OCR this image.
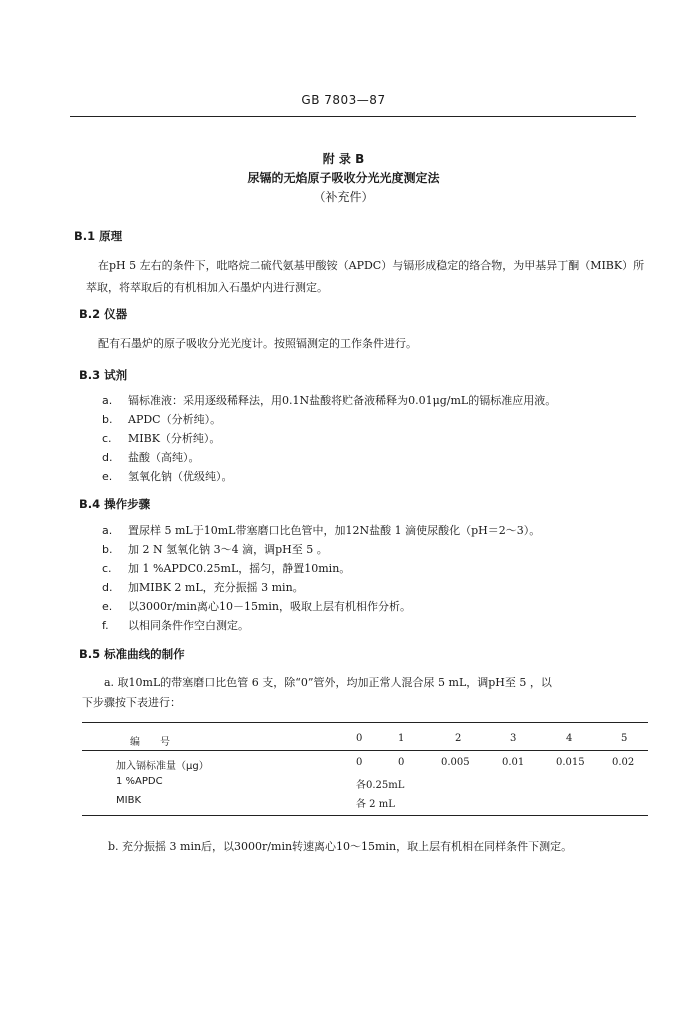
GB 7803—87
附 录 B
尿镉的无焰原子吸收分光光度测定法
（补充件）
B.1 原理
在pH 5 左右的条件下，吡咯烷二硫代氨基甲酸铵（APDC）与镉形成稳定的络合物，为甲基异丁酮（MIBK）所萃取，将萃取后的有机相加入石墨炉内进行测定。
B.2 仪器
配有石墨炉的原子吸收分光光度计。按照镉测定的工作条件进行。
B.3 试剂
a. 镉标准液：采用逐级稀释法，用0.1N盐酸将贮备液稀释为0.01μg/mL的镉标准应用液。
b. APDC（分析纯）。
c. MIBK（分析纯）。
d. 盐酸（高纯）。
e. 氢氧化钠（优级纯）。
B.4 操作步骤
a. 置尿样 5 mL于10mL带塞磨口比色管中，加12N盐酸 1 滴使尿酸化（pH＝2～3）。
b. 加 2 N 氢氧化钠 3～4 滴，调pH至 5 。
c. 加 1 %APDC0.25mL，摇匀，静置10min。
d. 加MIBK 2 mL，充分振摇 3 min。
e. 以3000r/min离心10－15min，吸取上层有机相作分析。
f. 以相同条件作空白测定。
B.5 标准曲线的制作
a. 取10mL的带塞磨口比色管 6 支，除“0”管外，均加正常人混合尿 5 mL，调pH至 5 ，以
下步骤按下表进行：
编　　号	0	1	2	3	4	5
加入镉标准量（μg）	0	0	0.005	0.01	0.015	0.02
1 %APDC	各0.25mL
MIBK	各 2 mL
b. 充分振摇 3 min后，以3000r/min转速离心10～15min，取上层有机相在同样条件下测定。
